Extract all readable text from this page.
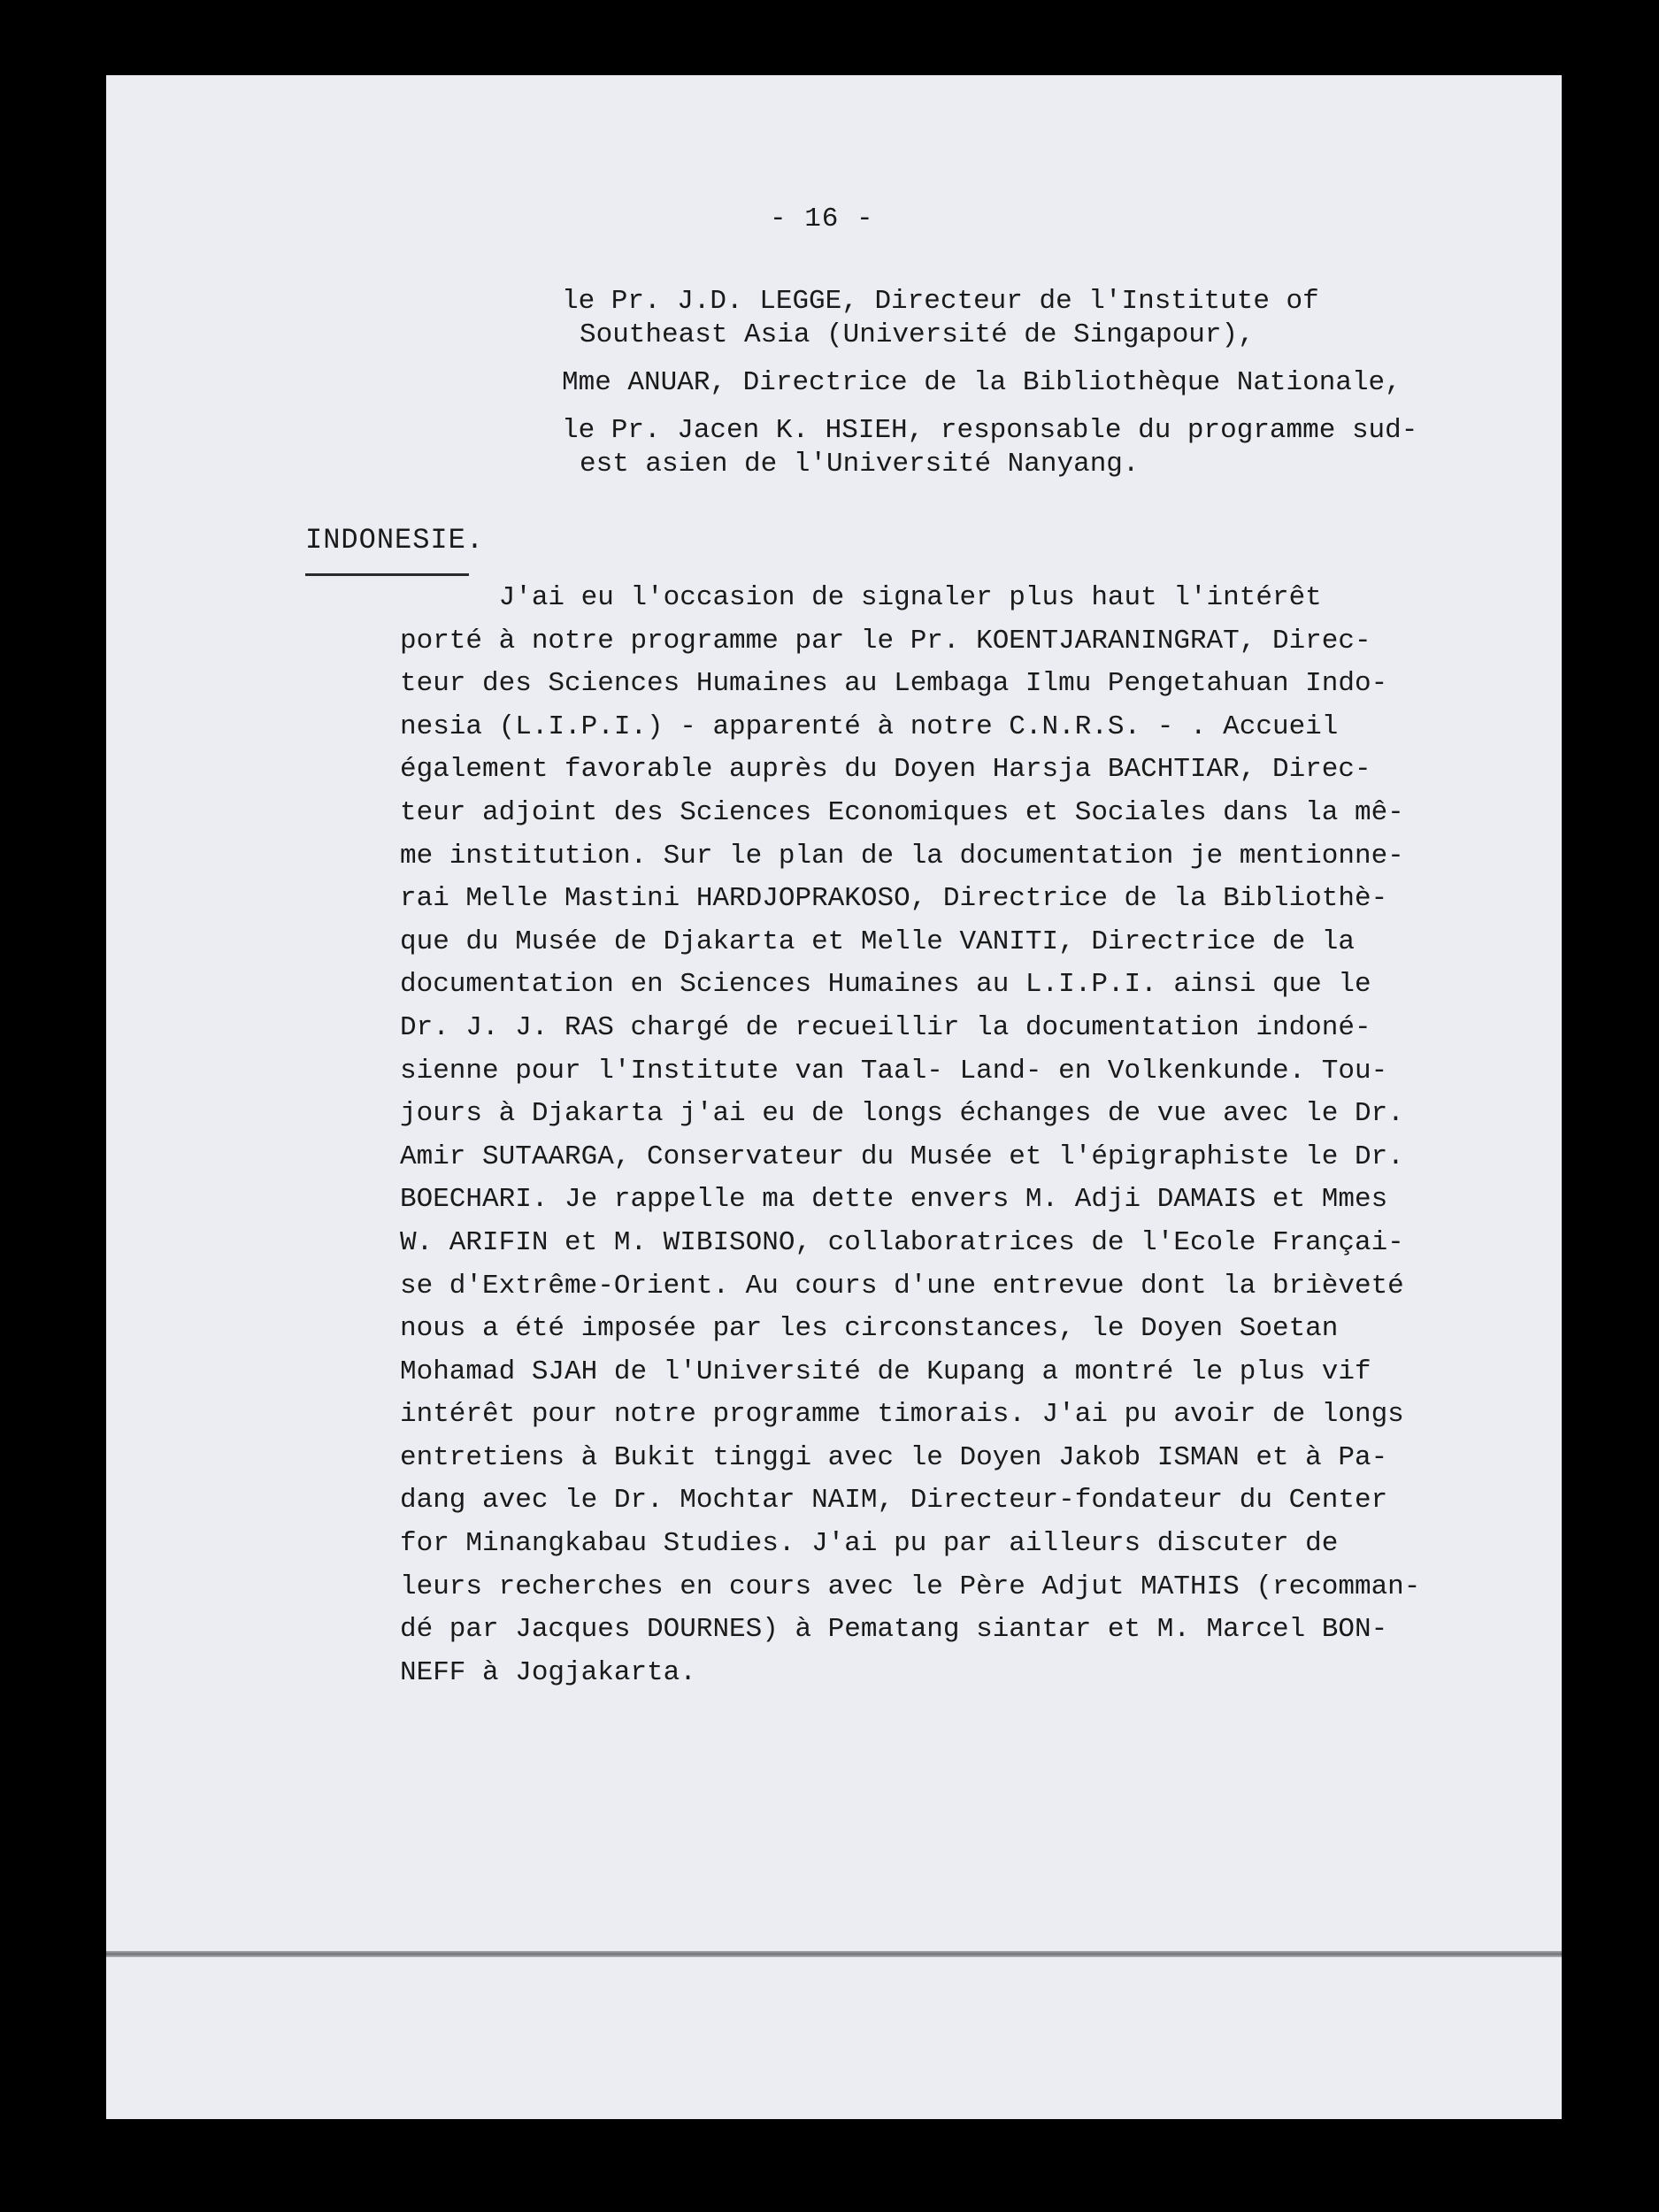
- 16 -
le Pr. J.D. LEGGE, Directeur de l'Institute of
Southeast Asia (Université de Singapour),
Mme ANUAR, Directrice de la Bibliothèque Nationale,
le Pr. Jacen K. HSIEH, responsable du programme sud-
est asien de l'Université Nanyang.
INDONESIE.
J'ai eu l'occasion de signaler plus haut l'intérêt
porté à notre programme par le Pr. KOENTJARANINGRAT, Direc-
teur des Sciences Humaines au Lembaga Ilmu Pengetahuan Indo-
nesia (L.I.P.I.) - apparenté à notre C.N.R.S. - . Accueil
également favorable auprès du Doyen Harsja BACHTIAR, Direc-
teur adjoint des Sciences Economiques et Sociales dans la mê-
me institution. Sur le plan de la documentation je mentionne-
rai Melle Mastini HARDJOPRAKOSO, Directrice de la Bibliothè-
que du Musée de Djakarta et Melle VANITI, Directrice de la
documentation en Sciences Humaines au L.I.P.I. ainsi que le
Dr. J. J. RAS chargé de recueillir la documentation indoné-
sienne pour l'Institute van Taal- Land- en Volkenkunde. Tou-
jours à Djakarta j'ai eu de longs échanges de vue avec le Dr.
Amir SUTAARGA, Conservateur du Musée et l'épigraphiste le Dr.
BOECHARI. Je rappelle ma dette envers M. Adji DAMAIS et Mmes
W. ARIFIN et M. WIBISONO, collaboratrices de l'Ecole Françai-
se d'Extrême-Orient. Au cours d'une entrevue dont la brièveté
nous a été imposée par les circonstances, le Doyen Soetan
Mohamad SJAH de l'Université de Kupang a montré le plus vif
intérêt pour notre programme timorais. J'ai pu avoir de longs
entretiens à Bukit tinggi avec le Doyen Jakob ISMAN et à Pa-
dang avec le Dr. Mochtar NAIM, Directeur-fondateur du Center
for Minangkabau Studies. J'ai pu par ailleurs discuter de
leurs recherches en cours avec le Père Adjut MATHIS (recomman-
dé par Jacques DOURNES) à Pematang siantar et M. Marcel BON-
NEFF à Jogjakarta.
